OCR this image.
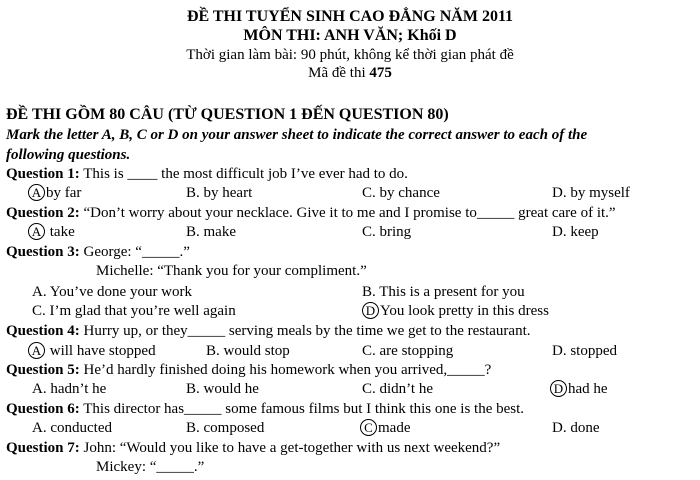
ĐỀ THI TUYỂN SINH CAO ĐẲNG NĂM 2011
MÔN THI: ANH VĂN; Khối D
Thời gian làm bài: 90 phút, không kể thời gian phát đề
Mã đề thi 475
ĐỀ THI GỒM 80 CÂU (TỪ QUESTION 1 ĐẾN QUESTION 80)
Mark the letter A, B, C or D on your answer sheet to indicate the correct answer to each of the
following questions.
Question 1: This is ____ the most difficult job I’ve ever had to do.
A by far	B. by heart	C. by chance	D. by myself
Question 2: “Don’t worry about your necklace. Give it to me and I promise to_____ great care of it.”
A take	B. make	C. bring	D. keep
Question 3: George: “_____.”
Michelle: “Thank you for your compliment.”
A. You’ve done your work	B. This is a present for you
C. I’m glad that you’re well again	D You look pretty in this dress
Question 4: Hurry up, or they_____ serving meals by the time we get to the restaurant.
A will have stopped	B. would stop	C. are stopping	D. stopped
Question 5: He’d hardly finished doing his homework when you arrived,_____?
A. hadn’t he	B. would he	C. didn’t he	D had he
Question 6: This director has_____ some famous films but I think this one is the best.
A. conducted	B. composed	C made	D. done
Question 7: John: “Would you like to have a get-together with us next weekend?”
Mickey: “_____.”
